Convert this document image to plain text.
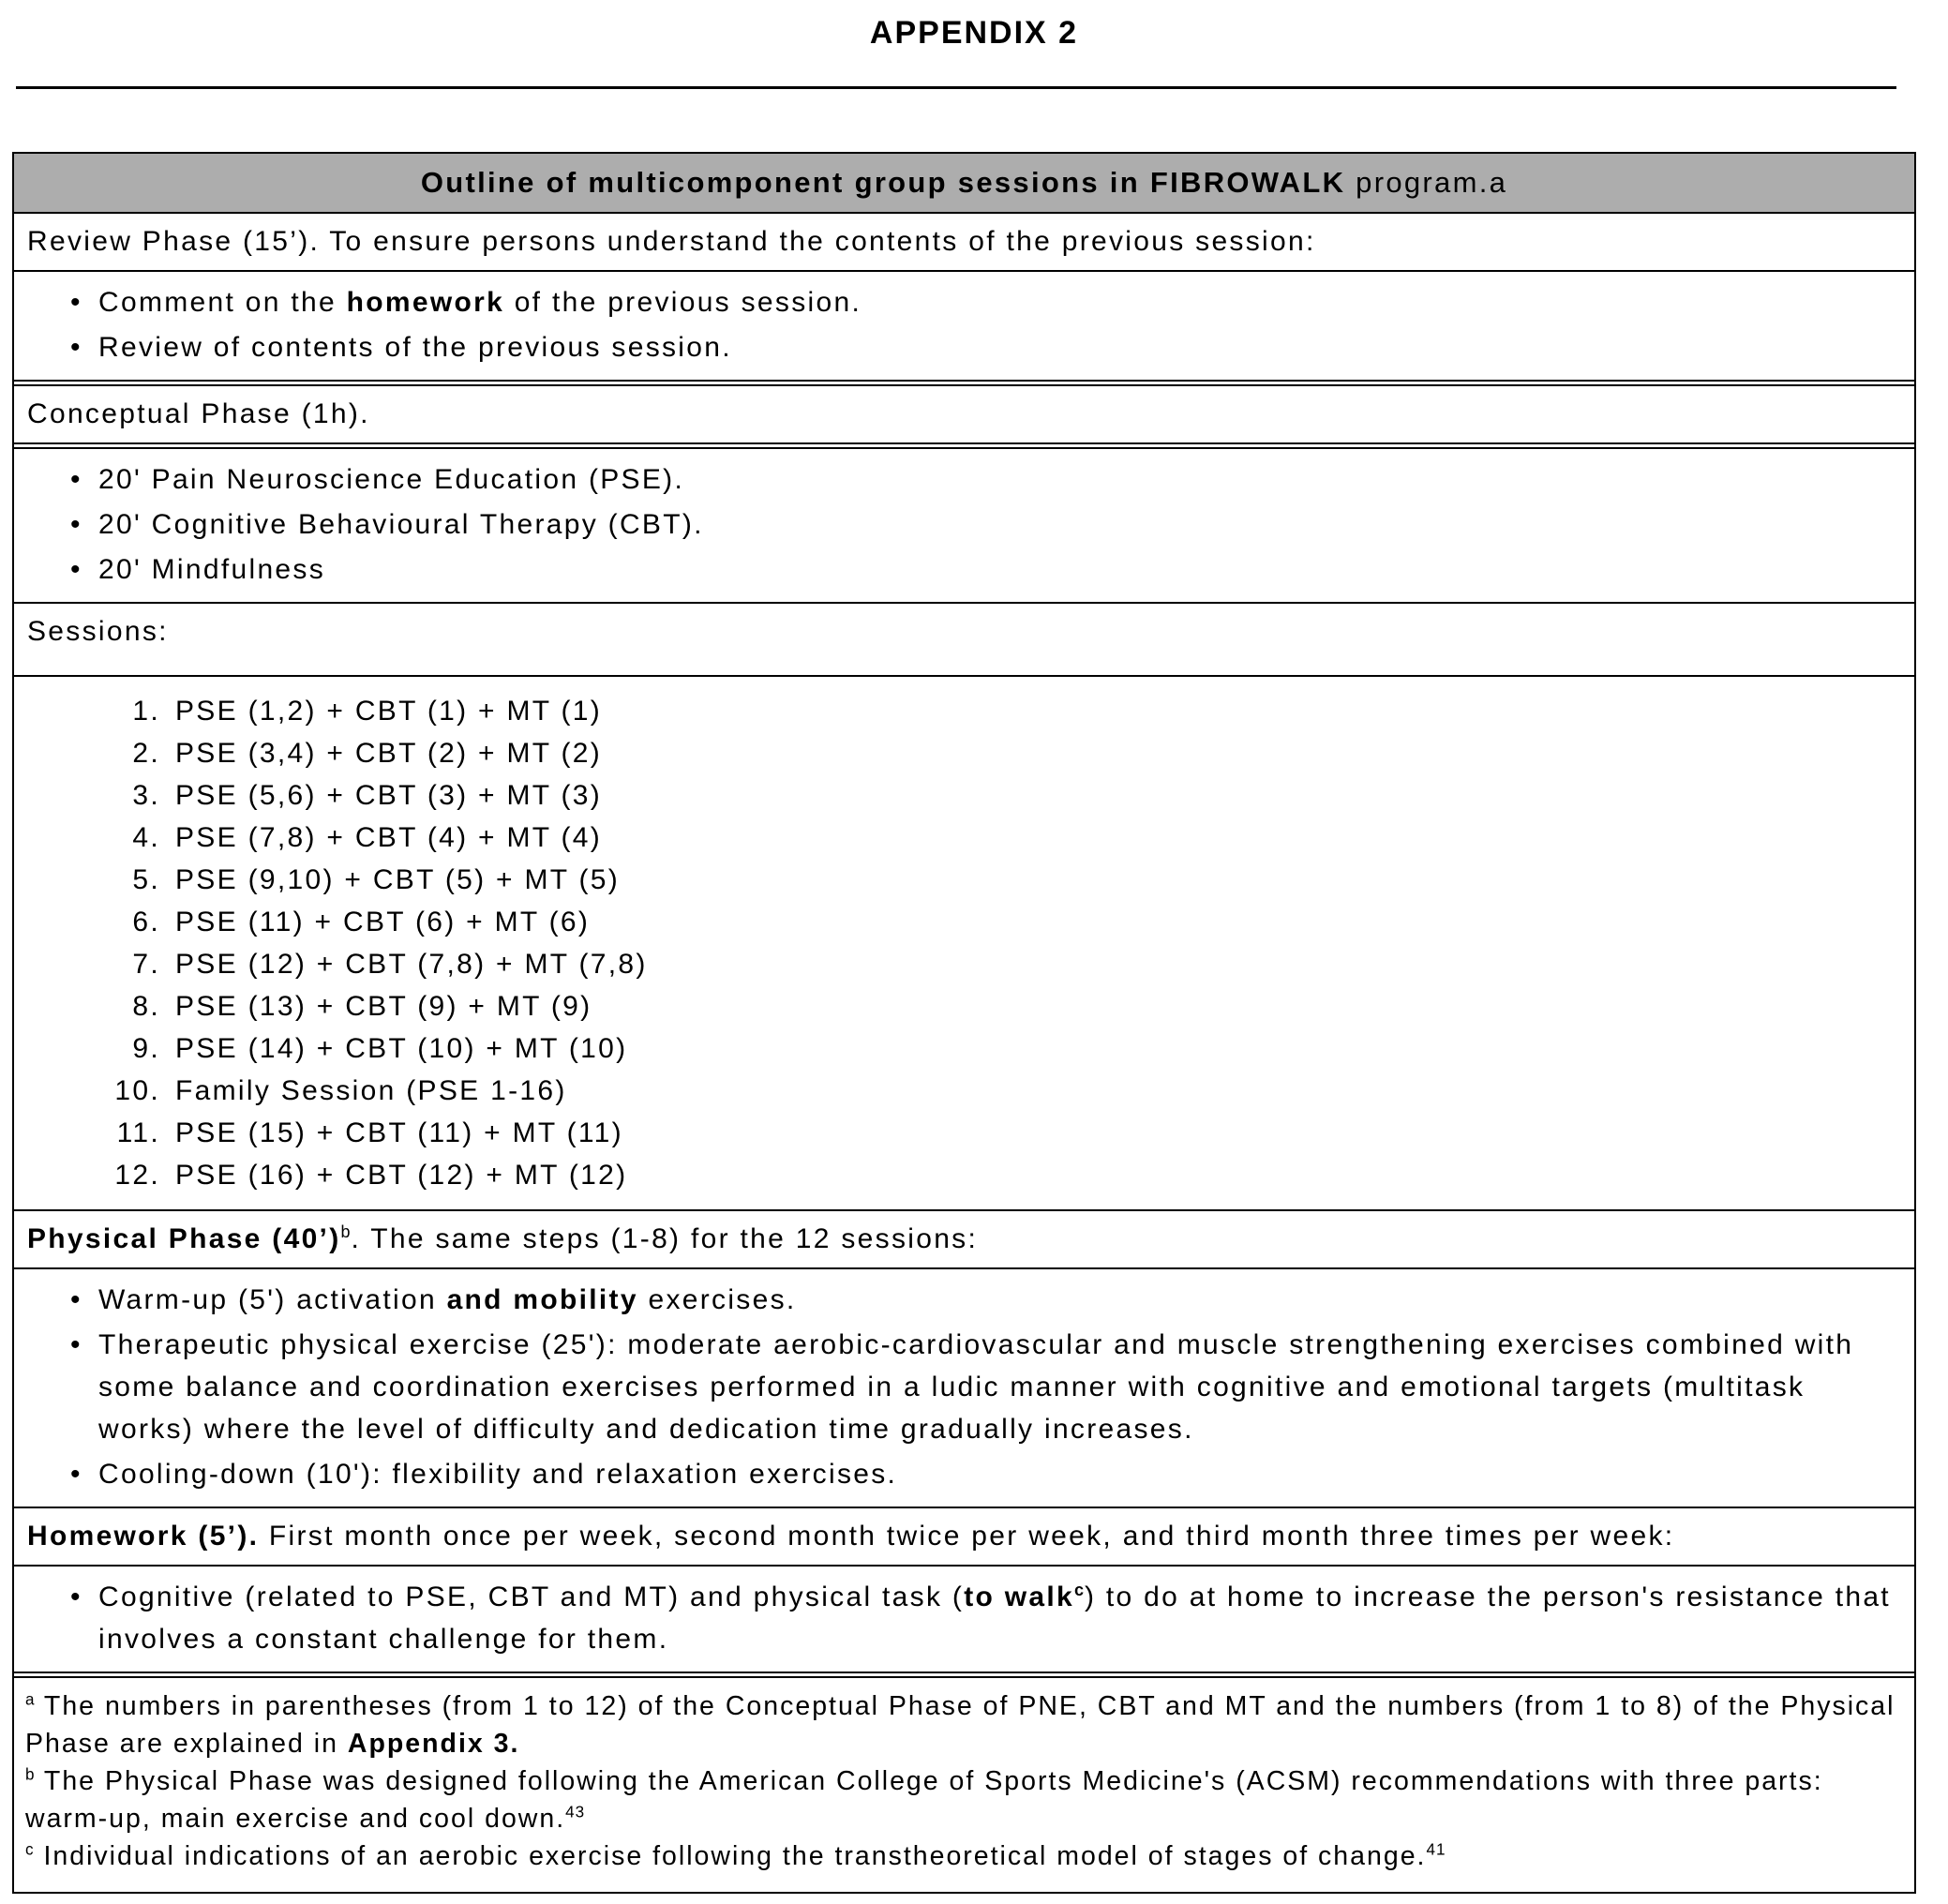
APPENDIX 2
Outline of multicomponent group sessions in FIBROWALK program.a
Review Phase (15’). To ensure persons understand the contents of the previous session:
• Comment on the homework of the previous session.
• Review of contents of the previous session.
Conceptual Phase (1h).
• 20' Pain Neuroscience Education (PSE).
• 20' Cognitive Behavioural Therapy (CBT).
• 20' Mindfulness
Sessions:
1. PSE (1,2) + CBT (1) + MT (1)
2. PSE (3,4) + CBT (2) + MT (2)
3. PSE (5,6) + CBT (3) + MT (3)
4. PSE (7,8) + CBT (4) + MT (4)
5. PSE (9,10) + CBT (5) + MT (5)
6. PSE (11) + CBT (6) + MT (6)
7. PSE (12) + CBT (7,8) + MT (7,8)
8. PSE (13) + CBT (9) + MT (9)
9. PSE (14) + CBT (10) + MT (10)
10. Family Session (PSE 1-16)
11. PSE (15) + CBT (11) + MT (11)
12. PSE (16) + CBT (12) + MT (12)
Physical Phase (40’)$^b$. The same steps (1-8) for the 12 sessions:
• Warm-up (5') activation and mobility exercises.
• Therapeutic physical exercise (25'): moderate aerobic-cardiovascular and muscle strengthening exercises combined with some balance and coordination exercises performed in a ludic manner with cognitive and emotional targets (multitask works) where the level of difficulty and dedication time gradually increases.
• Cooling-down (10'): flexibility and relaxation exercises.
Homework (5’). First month once per week, second month twice per week, and third month three times per week:
• Cognitive (related to PSE, CBT and MT) and physical task (to walk$^c$) to do at home to increase the person's resistance that involves a constant challenge for them.
$^a$ The numbers in parentheses (from 1 to 12) of the Conceptual Phase of PNE, CBT and MT and the numbers (from 1 to 8) of the Physical Phase are explained in Appendix 3.
$^b$ The Physical Phase was designed following the American College of Sports Medicine's (ACSM) recommendations with three parts: warm-up, main exercise and cool down.$^{43}$
$^c$ Individual indications of an aerobic exercise following the transtheoretical model of stages of change.$^{41}$
